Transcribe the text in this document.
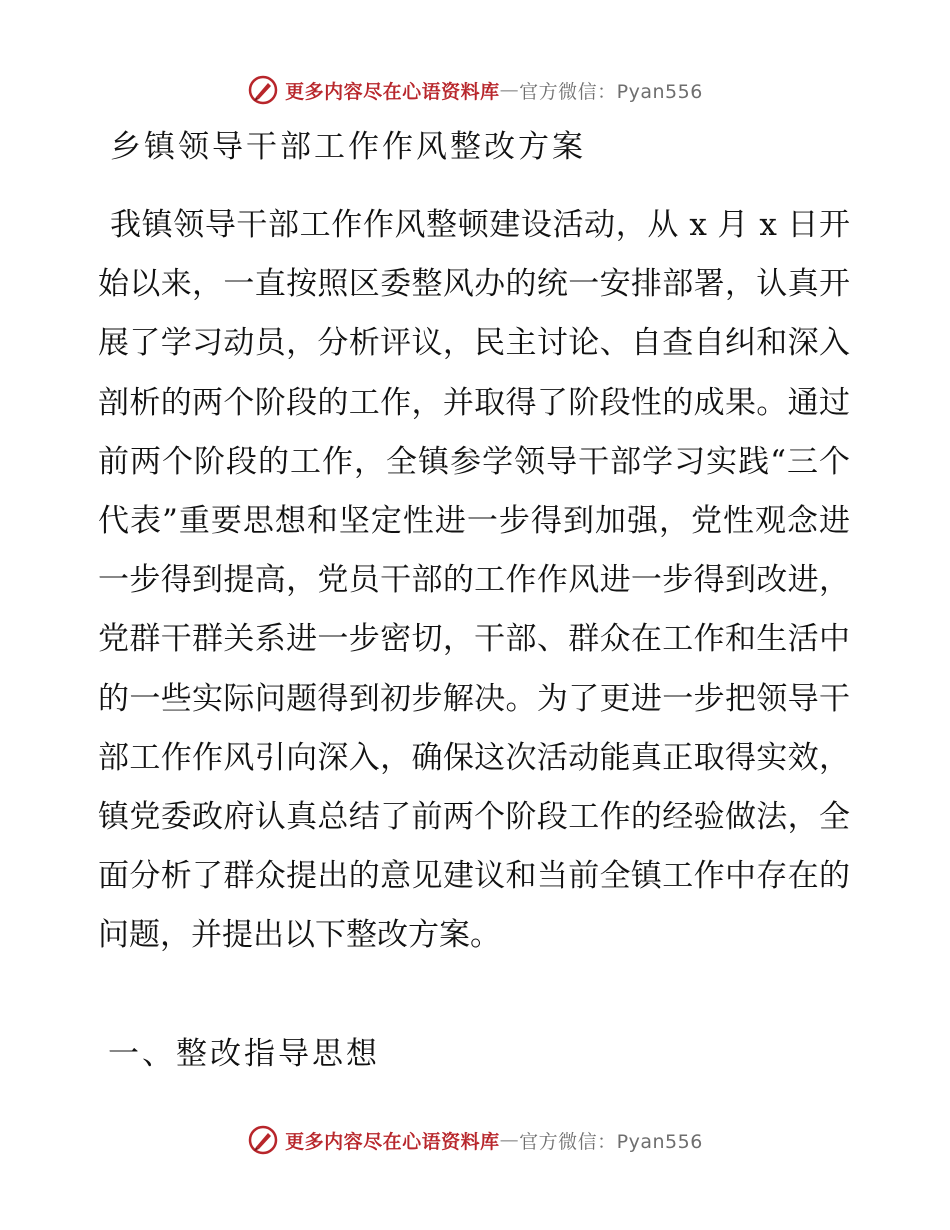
更多内容尽在心语资料库 — 官方微信：Pyan556
乡镇领导干部工作作风整改方案

我镇领导干部工作作风整顿建设活动，从 x 月 x 日开始以来，一直按照区委整风办的统一安排部署，认真开展了学习动员，分析评议，民主讨论、自查自纠和深入剖析的两个阶段的工作，并取得了阶段性的成果。通过前两个阶段的工作，全镇参学领导干部学习实践“三个代表”重要思想和坚定性进一步得到加强，党性观念进一步得到提高，党员干部的工作作风进一步得到改进，党群干群关系进一步密切，干部、群众在工作和生活中的一些实际问题得到初步解决。为了更进一步把领导干部工作作风引向深入，确保这次活动能真正取得实效，镇党委政府认真总结了前两个阶段工作的经验做法，全面分析了群众提出的意见建议和当前全镇工作中存在的问题，并提出以下整改方案。

一、整改指导思想
更多内容尽在心语资料库 — 官方微信：Pyan556
